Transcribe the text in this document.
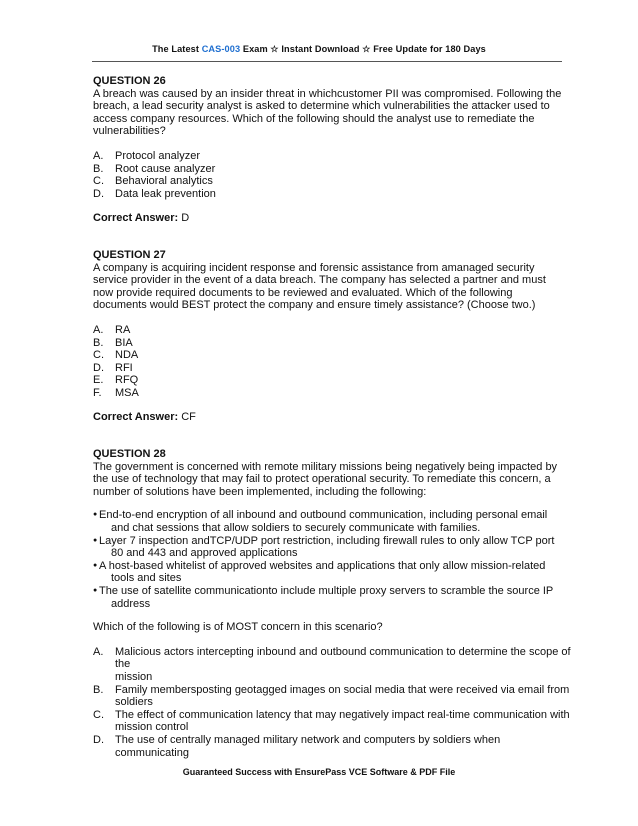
The Latest CAS-003 Exam ☆ Instant Download ☆ Free Update for 180 Days
QUESTION 26
A breach was caused by an insider threat in whichcustomer PII was compromised. Following the
breach, a lead security analyst is asked to determine which vulnerabilities the attacker used to
access company resources. Which of the following should the analyst use to remediate the
vulnerabilities?
A.	Protocol analyzer
B.	Root cause analyzer
C.	Behavioral analytics
D.	Data leak prevention
Correct Answer: D
QUESTION 27
A company is acquiring incident response and forensic assistance from amanaged security
service provider in the event of a data breach. The company has selected a partner and must
now provide required documents to be reviewed and evaluated. Which of the following
documents would BEST protect the company and ensure timely assistance? (Choose two.)
A.	RA
B.	BIA
C.	NDA
D.	RFI
E.	RFQ
F.	MSA
Correct Answer: CF
QUESTION 28
The government is concerned with remote military missions being negatively being impacted by
the use of technology that may fail to protect operational security. To remediate this concern, a
number of solutions have been implemented, including the following:
● End-to-end encryption of all inbound and outbound communication, including personal email
and chat sessions that allow soldiers to securely communicate with families.
● Layer 7 inspection andTCP/UDP port restriction, including firewall rules to only allow TCP port
80 and 443 and approved applications
● A host-based whitelist of approved websites and applications that only allow mission-related
tools and sites
● The use of satellite communicationto include multiple proxy servers to scramble the source IP
address
Which of the following is of MOST concern in this scenario?
A.	Malicious actors intercepting inbound and outbound communication to determine the scope of the
mission
B.	Family membersposting geotagged images on social media that were received via email from
soldiers
C.	The effect of communication latency that may negatively impact real-time communication with
mission control
D.	The use of centrally managed military network and computers by soldiers when communicating
Guaranteed Success with EnsurePass VCE Software & PDF File
